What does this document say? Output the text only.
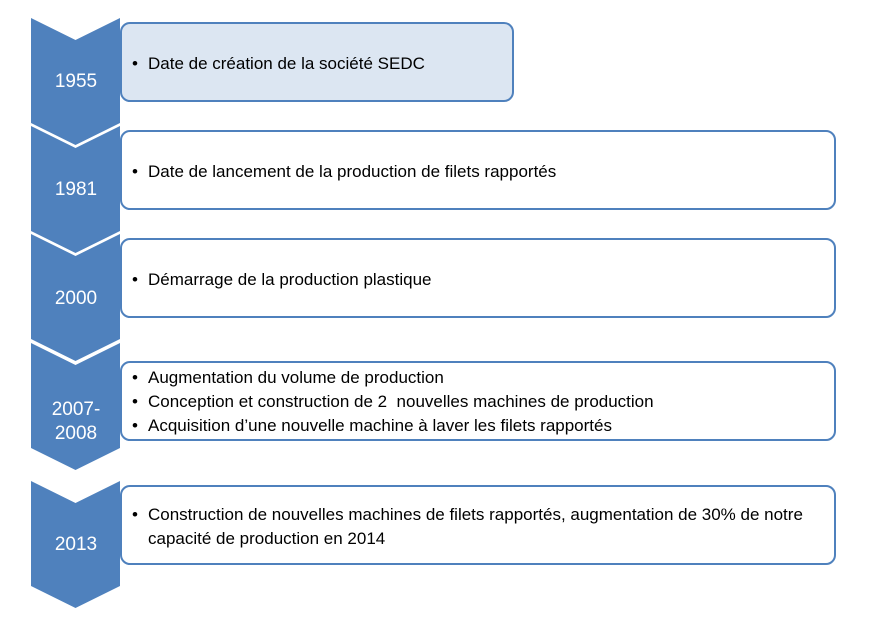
• Date de création de la société SEDC
1955
• Date de lancement de la production de filets rapportés
1981
• Démarrage de la production plastique
2000
• Augmentation du volume de production
• Conception et construction de 2  nouvelles machines de production
• Acquisition d’une nouvelle machine à laver les filets rapportés
2007-
2008
• Construction de nouvelles machines de filets rapportés, augmentation de 30% de notre capacité de production en 2014
2013
